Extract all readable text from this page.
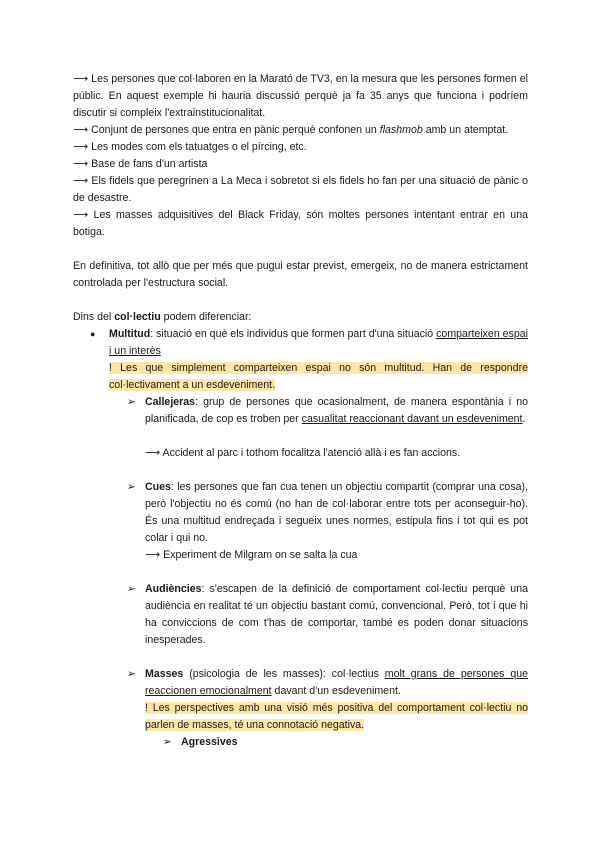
⟶ Les persones que col·laboren en la Marató de TV3, en la mesura que les persones formen el públic. En aquest exemple hi hauria discussió perquè ja fa 35 anys que funciona i podríem discutir si compleix l'extrainstitucionalitat.
⟶ Conjunt de persones que entra en pànic perquè confonen un flashmob amb un atemptat.
⟶ Les modes com els tatuatges o el pírcing, etc.
⟶ Base de fans d'un artista
⟶ Els fidels que peregrinen a La Meca i sobretot si els fidels ho fan per una situació de pànic o de desastre.
⟶ Les masses adquisitives del Black Friday, són moltes persones intentant entrar en una botiga.
En definitiva, tot allò que per més que pugui estar previst, emergeix, no de manera estrictament controlada per l'estructura social.
Dins del col·lectiu podem diferenciar:
● Multitud: situació en què els individus que formen part d'una situació comparteixen espai i un interès
! Les que simplement comparteixen espai no són multitud. Han de respondre col·lectivament a un esdeveniment.
➢ Callejeras: grup de persones que ocasionalment, de manera espontània i no planificada, de cop es troben per casualitat reaccionant davant un esdeveniment.
⟶ Accident al parc i tothom focalitza l'atenció allà i es fan accions.
➢ Cues: les persones que fan cua tenen un objectiu compartit (comprar una cosa), però l'objectiu no és comú (no han de col·laborar entre tots per aconseguir-ho). És una multitud endreçada i segueix unes normes, estipula fins i tot qui es pot colar i qui no.
⟶ Experiment de Milgram on se salta la cua
➢ Audiències: s'escapen de la definició de comportament col·lectiu perquè una audiència en realitat té un objectiu bastant comú, convencional. Però, tot i que hi ha conviccions de com t'has de comportar, també es poden donar situacions inesperades.
➢ Masses (psicologia de les masses): col·lectius molt grans de persones que reaccionen emocionalment davant d'un esdeveniment.
! Les perspectives amb una visió més positiva del comportament col·lectiu no parlen de masses, té una connotació negativa.
➢ Agressives
